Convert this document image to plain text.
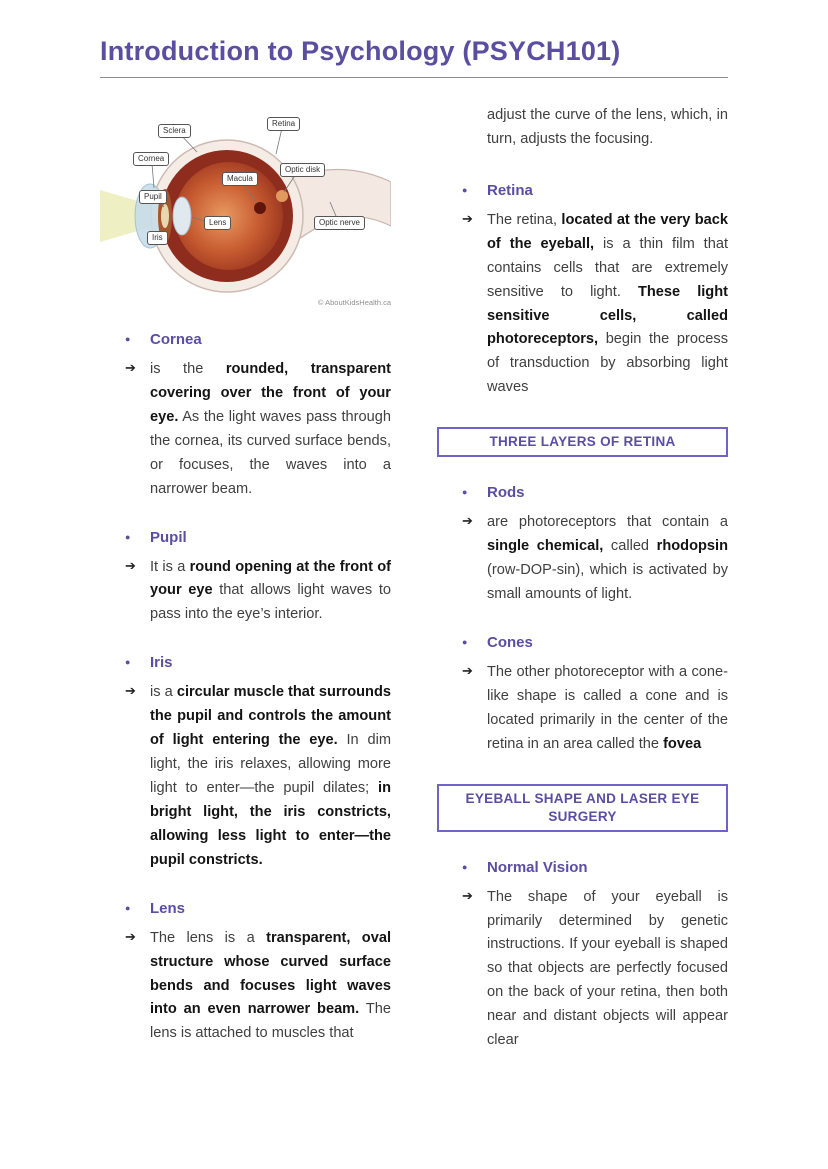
Introduction to Psychology (PSYCH101)
Sclera
Cornea
Pupil
Iris
Retina
Macula
Optic disk
Lens	Optic nerve
© AboutKidsHealth.ca
●	Cornea
➔ is the rounded, transparent covering over the front of your eye. As the light waves pass through the cornea, its curved surface bends, or focuses, the waves into a narrower beam.

●	Pupil
➔ It is a round opening at the front of your eye that allows light waves to pass into the eye’s interior.

●	Iris
➔ is a circular muscle that surrounds the pupil and controls the amount of light entering the eye. In dim light, the iris relaxes, allowing more light to enter—the pupil dilates; in bright light, the iris constricts, allowing less light to enter—the pupil constricts.

●	Lens
➔ The lens is a transparent, oval structure whose curved surface bends and focuses light waves into an even narrower beam. The lens is attached to muscles that

adjust the curve of the lens, which, in turn, adjusts the focusing.

●	Retina
➔ The retina, located at the very back of the eyeball, is a thin film that contains cells that are extremely sensitive to light. These light sensitive cells, called photoreceptors, begin the process of transduction by absorbing light waves

THREE LAYERS OF RETINA
●	Rods
➔ are photoreceptors that contain a single chemical, called rhodopsin (row-DOP-sin), which is activated by small amounts of light.

●	Cones
➔ The other photoreceptor with a cone-like shape is called a cone and is located primarily in the center of the retina in an area called the fovea

EYEBALL SHAPE AND LASER EYE SURGERY
●	Normal Vision
➔ The shape of your eyeball is primarily determined by genetic instructions. If your eyeball is shaped so that objects are perfectly focused on the back of your retina, then both near and distant objects will appear clear
